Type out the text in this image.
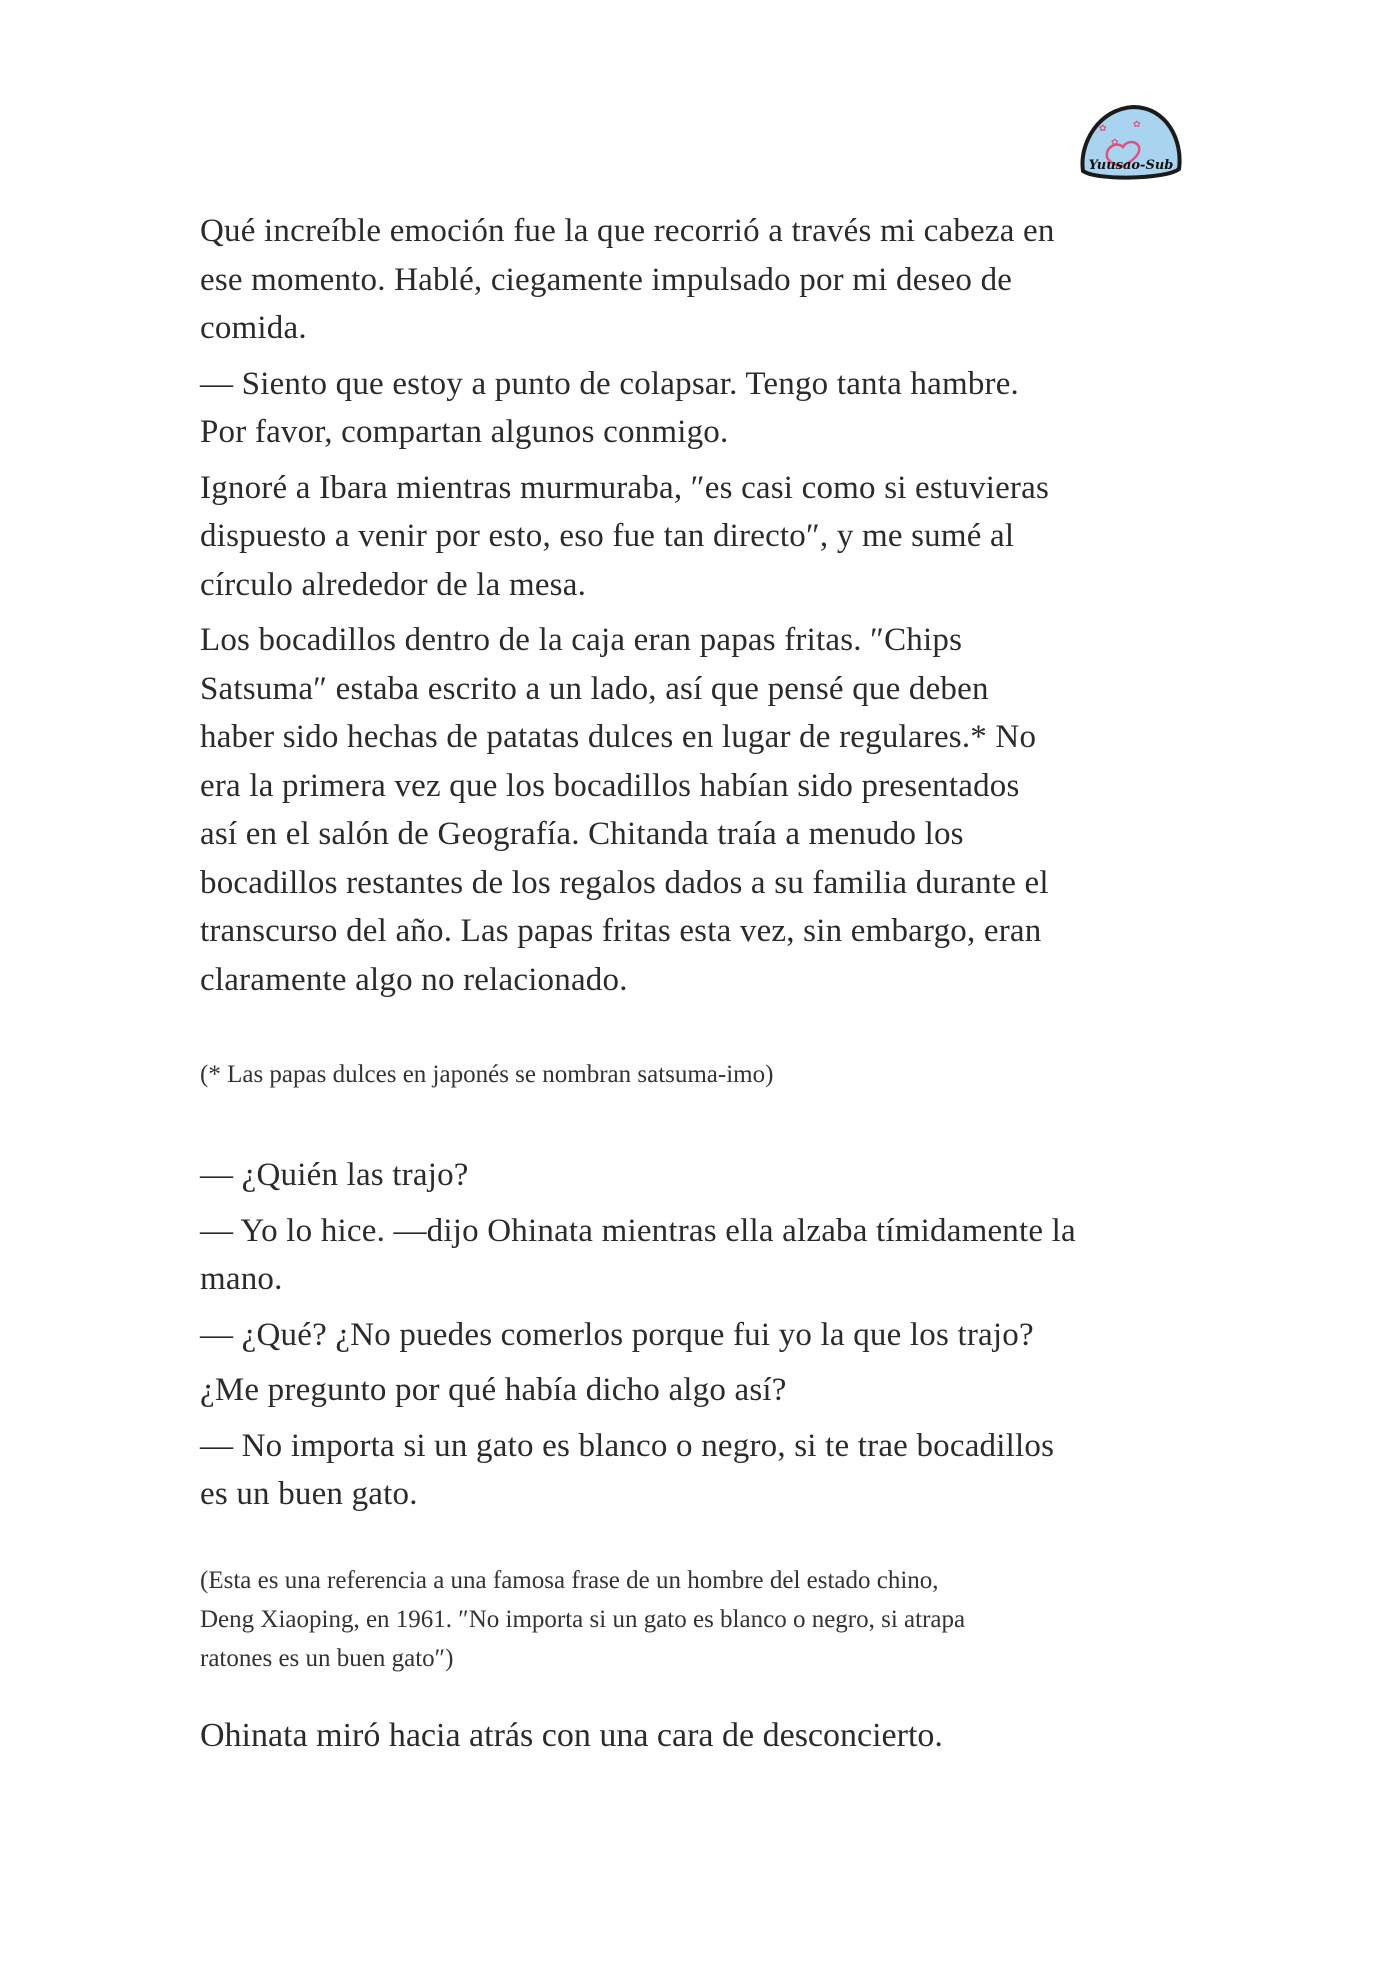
✿	✿
✿
Yuusao-Sub

Qué increíble emoción fue la que recorrió a través mi cabeza en
ese momento. Hablé, ciegamente impulsado por mi deseo de
comida.

— Siento que estoy a punto de colapsar. Tengo tanta hambre.
Por favor, compartan algunos conmigo.

Ignoré a Ibara mientras murmuraba, ″es casi como si estuvieras
dispuesto a venir por esto, eso fue tan directo″, y me sumé al
círculo alrededor de la mesa.

Los bocadillos dentro de la caja eran papas fritas. ″Chips
Satsuma″ estaba escrito a un lado, así que pensé que deben
haber sido hechas de patatas dulces en lugar de regulares.* No
era la primera vez que los bocadillos habían sido presentados
así en el salón de Geografía. Chitanda traía a menudo los
bocadillos restantes de los regalos dados a su familia durante el
transcurso del año. Las papas fritas esta vez, sin embargo, eran
claramente algo no relacionado.

(* Las papas dulces en japonés se nombran satsuma-imo)

— ¿Quién las trajo?

— Yo lo hice. —dijo Ohinata mientras ella alzaba tímidamente la
mano.

— ¿Qué? ¿No puedes comerlos porque fui yo la que los trajo?

¿Me pregunto por qué había dicho algo así?

— No importa si un gato es blanco o negro, si te trae bocadillos
es un buen gato.

(Esta es una referencia a una famosa frase de un hombre del estado chino,
Deng Xiaoping, en 1961. ″No importa si un gato es blanco o negro, si atrapa
ratones es un buen gato″)

Ohinata miró hacia atrás con una cara de desconcierto.
